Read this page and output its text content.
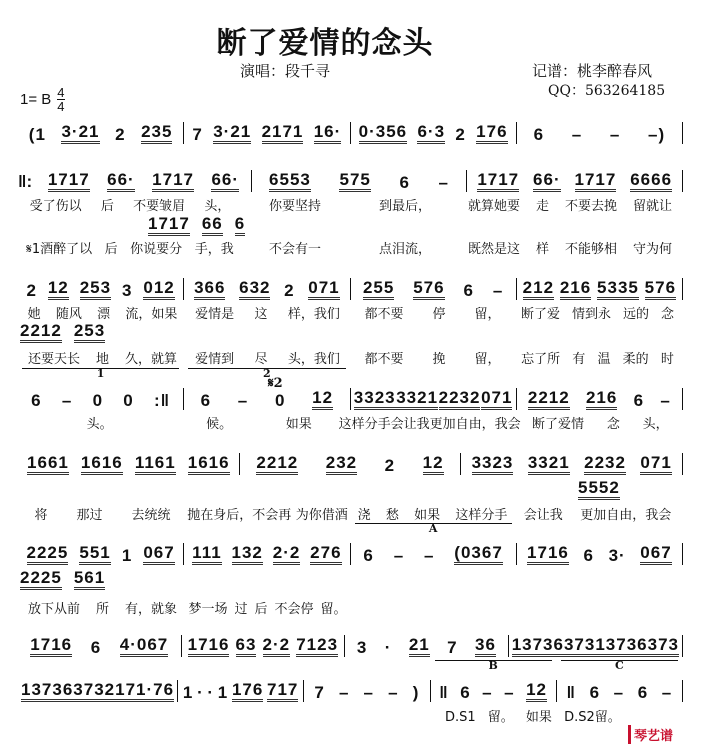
断了爱情的念头
演唱：段千寻	记谱：桃李醉春风
QQ：563264185
1= B $\frac{4}{4}$
(1 3·21 2 235 7 3·21 2171 16· 0·356 6·3 2 176 6 – – –)
‖: 1717 66· 1717 66· 6553 575 6 – 1717 66· 1717 6666
2 12 253 3 012 366 632 2 071 255 576 6 – 212 216 5335 576
1
6 – 0 0 :‖
2
6 – 0 12 3323 3321 2232 071 2212 216 6 –
1661 1616 1161 1616 2212 232 2 12 3323 3321 2232 071
2225 551 1 067 111 132 2·2 276
A
6 – – (0367 1716 6 3· 067
1716 6 4·067 1716 63 2·2 7123 3 · 21 7 36 1373 6373 1373 6373
1373 6373 217 1·76 1 · · 1 176 717 7 – – – )
B
‖ 6 – – 12
C
‖ 6 – 6 –
受了伤以 后 不要皱眉 头，	你要坚持	到最后，	就算她要 走 不要去挽 留就让
1717 66 6
𝄋1酒醉了以 后 你说要分 手，我	不会有一	点泪流，	既然是这 样 不能够相 守为何
她 随风 漂 流，如果 爱情是 这 样，我们 都不要 停 留， 断了爱 情到永 远的 念
2212 253
还要天长 地 久，就算 爱情到 尽 头，我们 都不要 挽 留， 忘了所 有 温 柔的 时
𝄋2
头。	候。	如果 这样分手 会让我 更加自由，我会 断了爱情 念 头，
5552
将 那过 去统统 抛在身后，不会再 为你借酒 浇 愁 如果 这样分手 会让我 更加自由，我会
2225 561
放下从前 所 有，就象 梦一场 过 后 不会停 留。
D.S1 留。 如果 D.S2留。
琴艺谱
